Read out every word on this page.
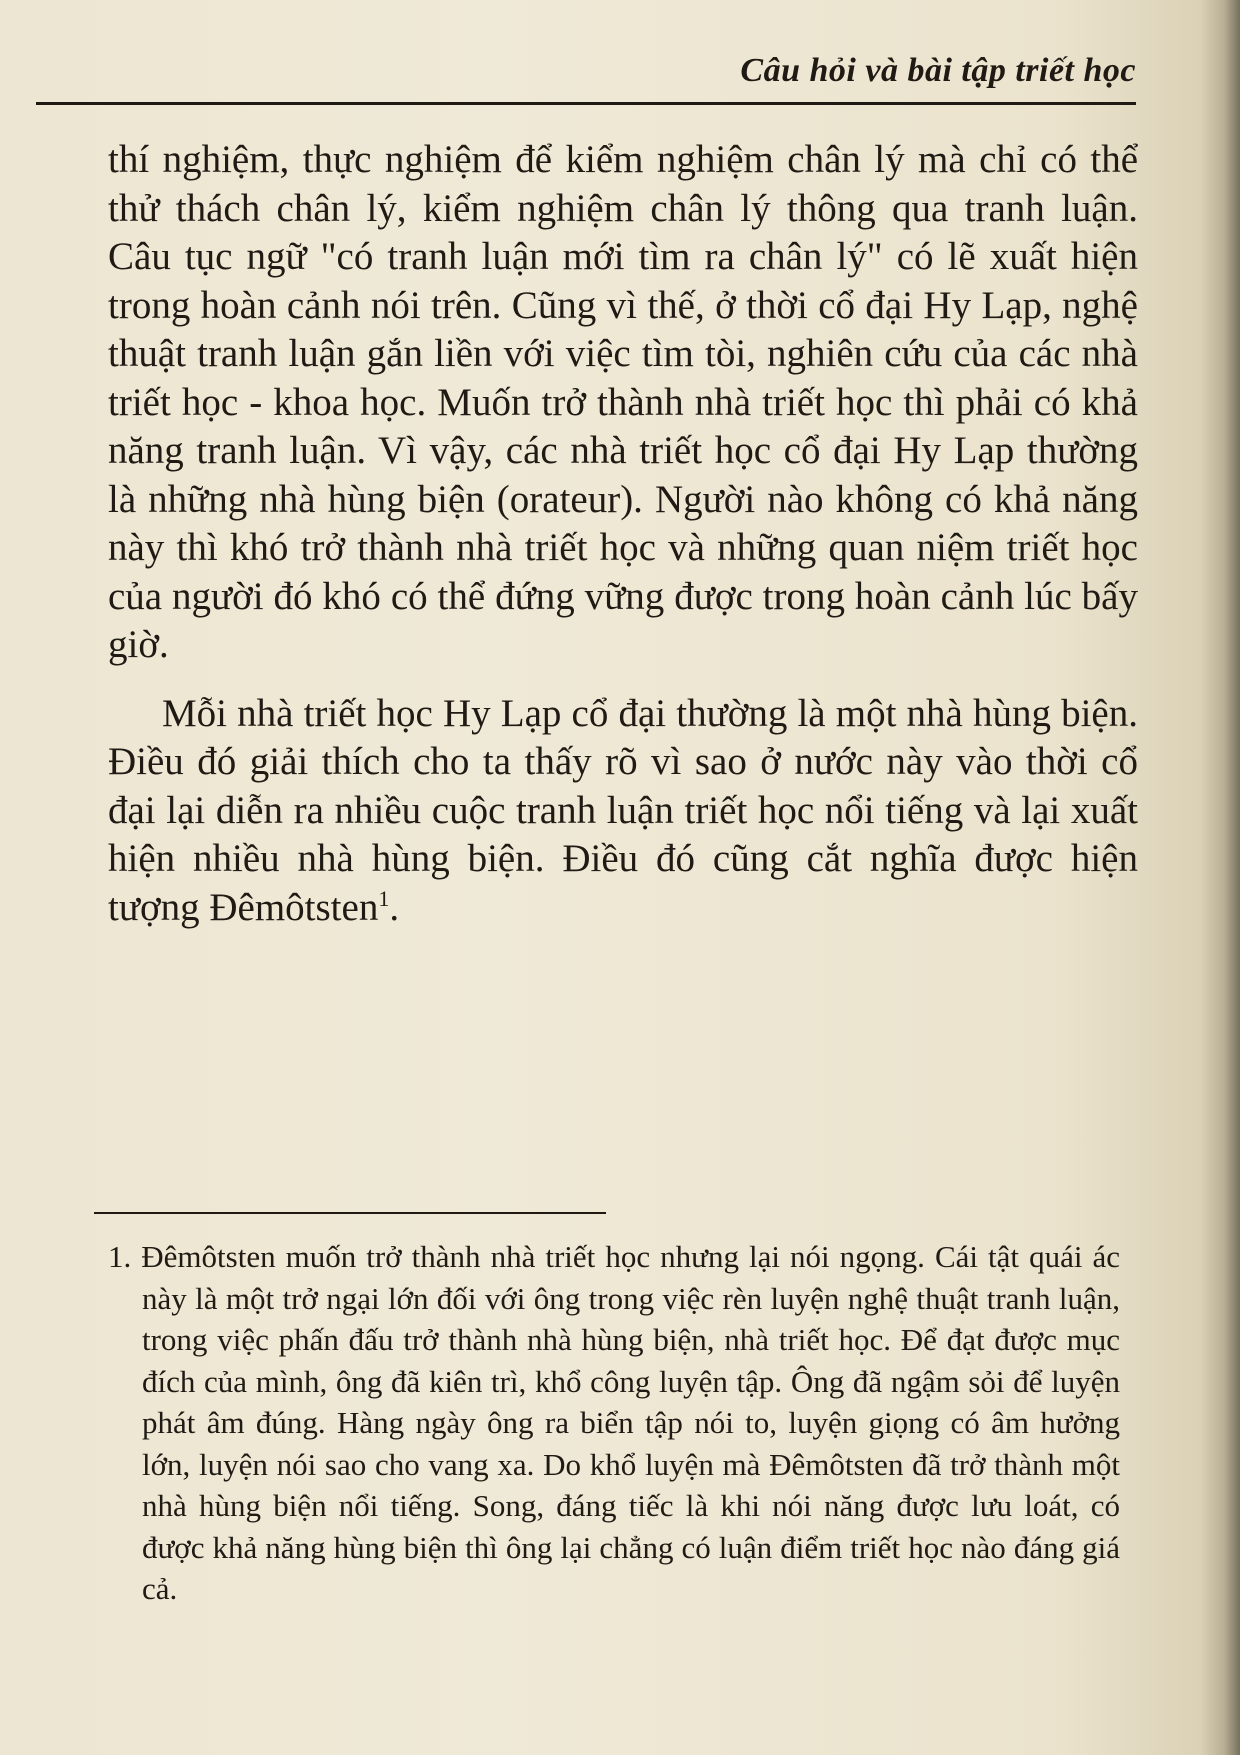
Câu hỏi và bài tập triết học

thí nghiệm, thực nghiệm để kiểm nghiệm chân lý mà chỉ có thể thử thách chân lý, kiểm nghiệm chân lý thông qua tranh luận. Câu tục ngữ "có tranh luận mới tìm ra chân lý" có lẽ xuất hiện trong hoàn cảnh nói trên. Cũng vì thế, ở thời cổ đại Hy Lạp, nghệ thuật tranh luận gắn liền với việc tìm tòi, nghiên cứu của các nhà triết học - khoa học. Muốn trở thành nhà triết học thì phải có khả năng tranh luận. Vì vậy, các nhà triết học cổ đại Hy Lạp thường là những nhà hùng biện (orateur). Người nào không có khả năng này thì khó trở thành nhà triết học và những quan niệm triết học của người đó khó có thể đứng vững được trong hoàn cảnh lúc bấy giờ.

Mỗi nhà triết học Hy Lạp cổ đại thường là một nhà hùng biện. Điều đó giải thích cho ta thấy rõ vì sao ở nước này vào thời cổ đại lại diễn ra nhiều cuộc tranh luận triết học nổi tiếng và lại xuất hiện nhiều nhà hùng biện. Điều đó cũng cắt nghĩa được hiện tượng Đêmôtsten$^1$.

1. Đêmôtsten muốn trở thành nhà triết học nhưng lại nói ngọng. Cái tật quái ác này là một trở ngại lớn đối với ông trong việc rèn luyện nghệ thuật tranh luận, trong việc phấn đấu trở thành nhà hùng biện, nhà triết học. Để đạt được mục đích của mình, ông đã kiên trì, khổ công luyện tập. Ông đã ngậm sỏi để luyện phát âm đúng. Hàng ngày ông ra biển tập nói to, luyện giọng có âm hưởng lớn, luyện nói sao cho vang xa. Do khổ luyện mà Đêmôtsten đã trở thành một nhà hùng biện nổi tiếng. Song, đáng tiếc là khi nói năng được lưu loát, có được khả năng hùng biện thì ông lại chẳng có luận điểm triết học nào đáng giá cả.
